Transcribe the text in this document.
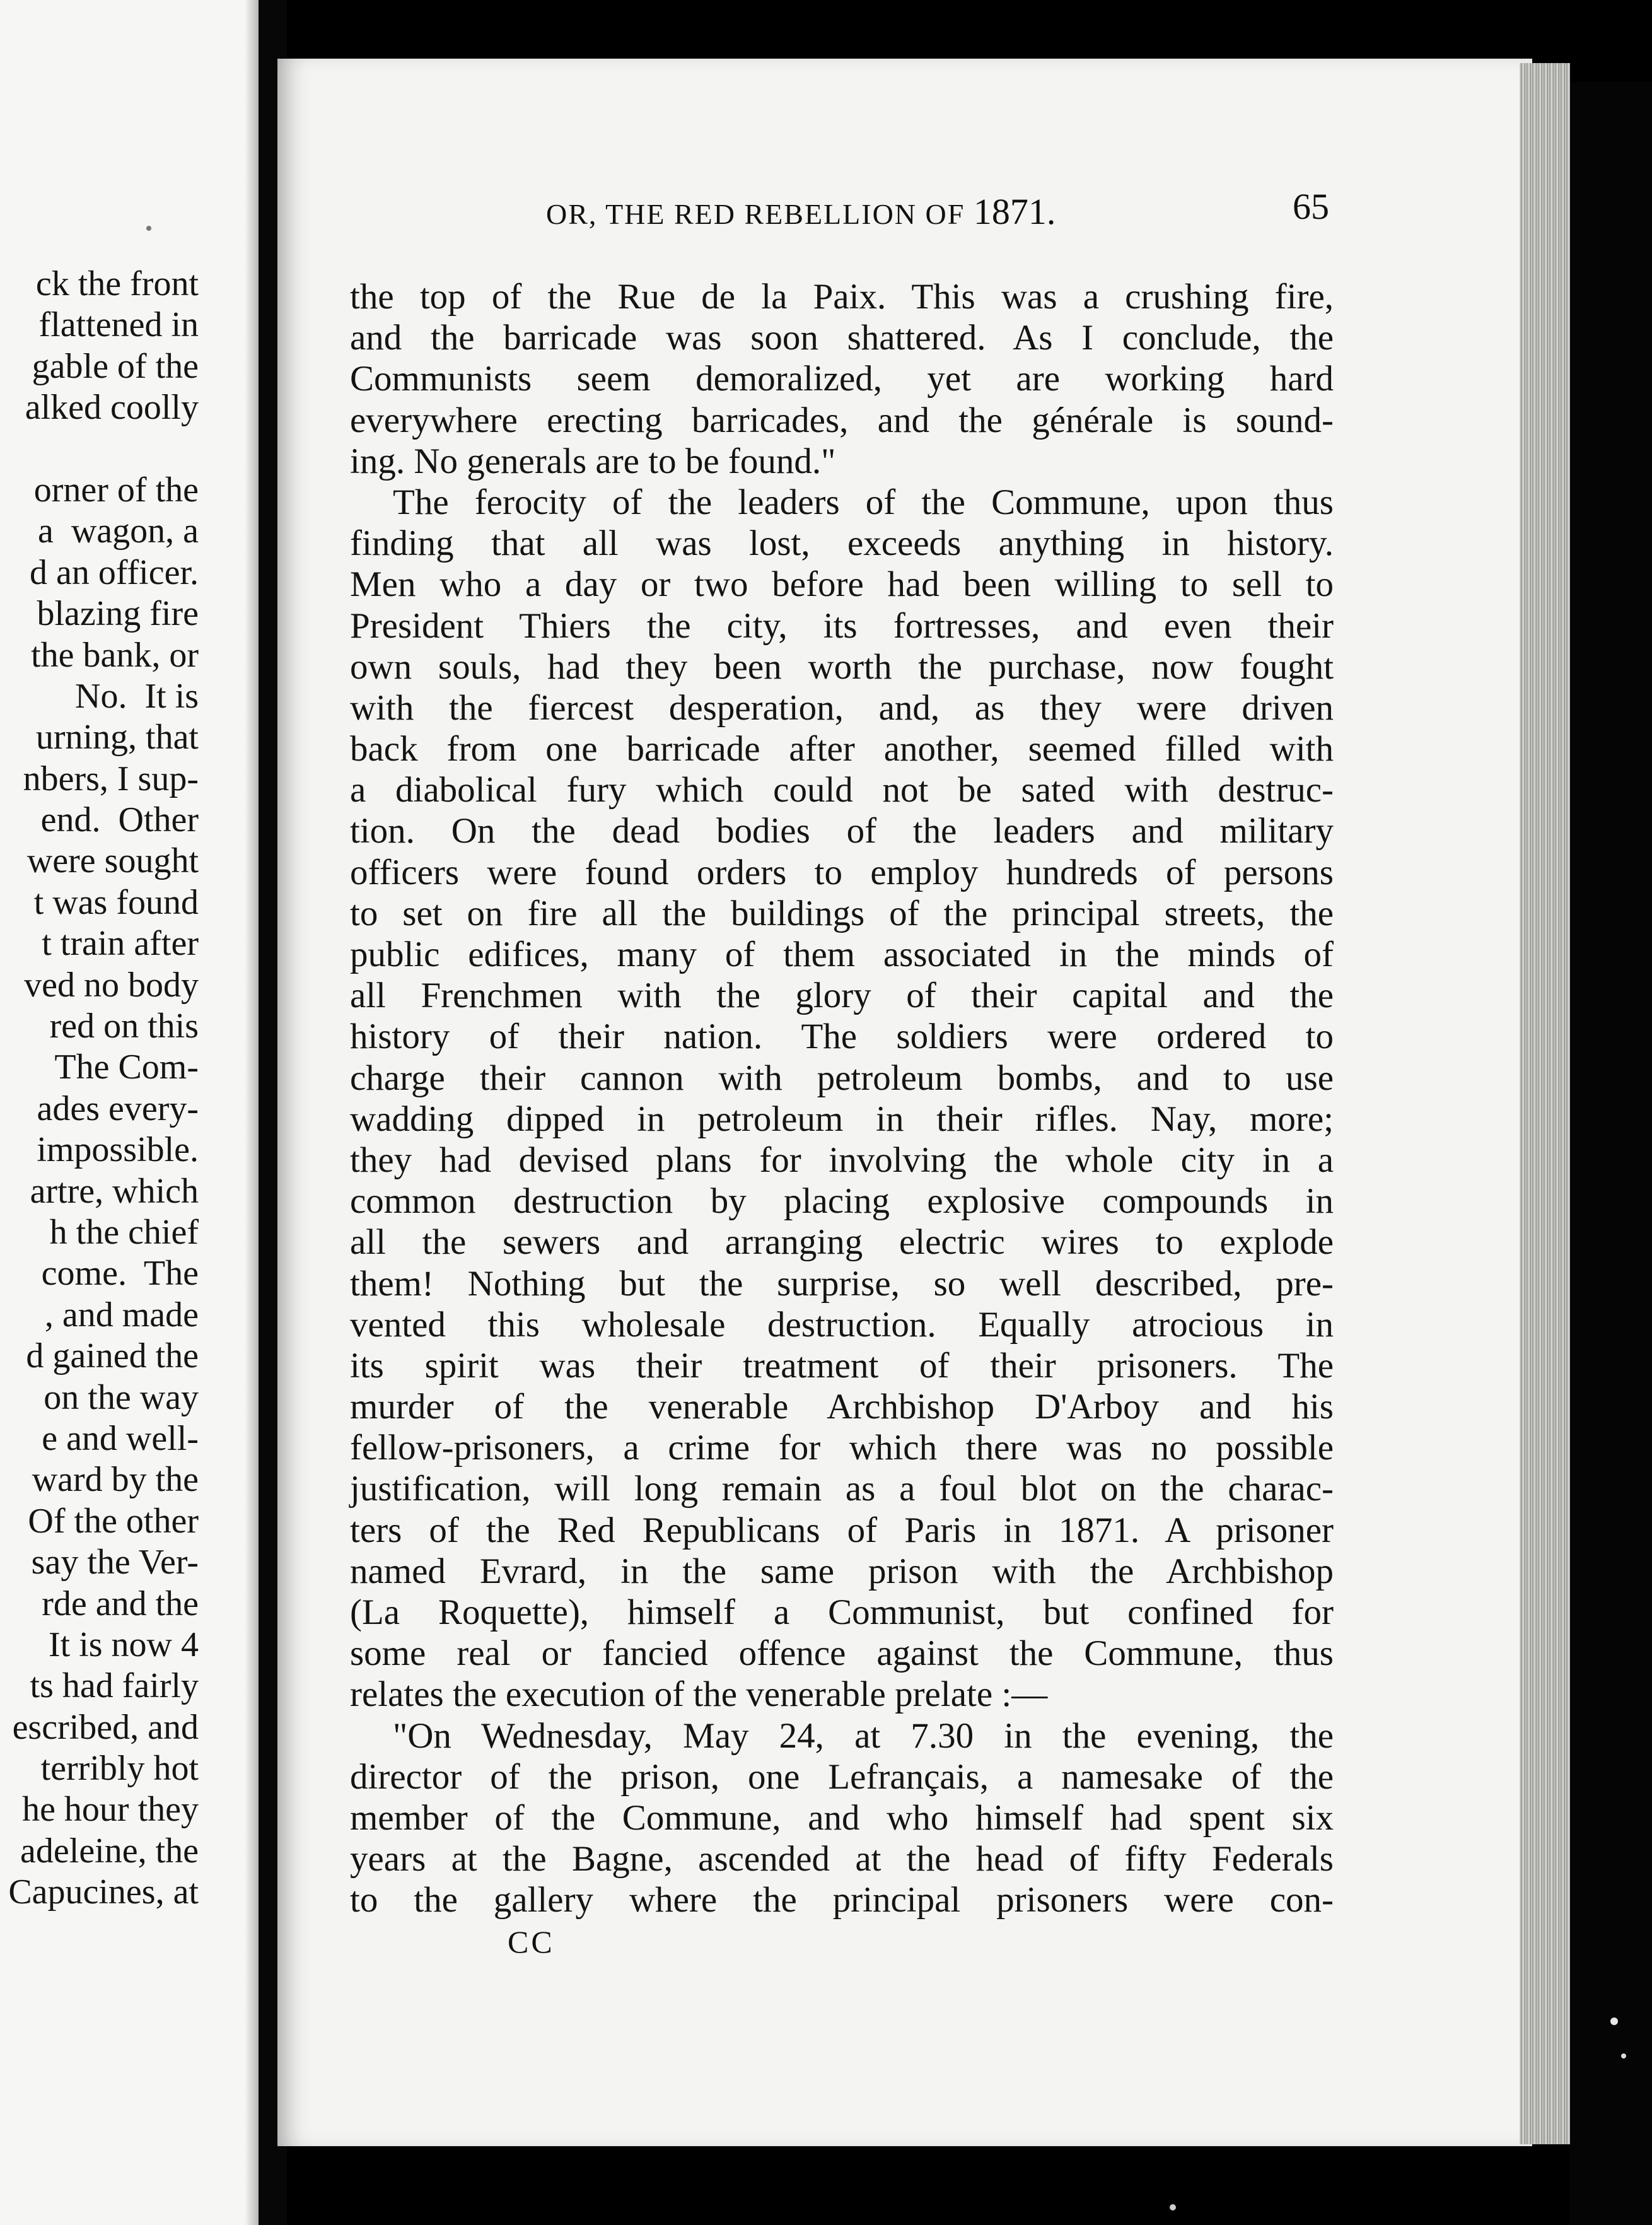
ck the front
flattened in
gable of the
alked coolly
orner of the
a  wagon, a
d an officer.
blazing fire
the bank, or
No.  It is
urning, that
nbers, I sup-
end.  Other
were sought
t was found
t train after
ved no body
red on this
The Com-
ades every-
impossible.
artre, which
h the chief
come.  The
, and made
d gained the
on the way
e and well-
ward by the
Of the other
say the Ver-
rde and the
It is now 4
ts had fairly
escribed, and
terribly hot
he hour they
adeleine, the
Capucines, at
OR, THE RED REBELLION OF 1871.	65
the top of the Rue de la Paix. This was a crushing fire,
and the barricade was soon shattered. As I conclude, the
Communists seem demoralized, yet are working hard
everywhere erecting barricades, and the générale is sound-
ing. No generals are to be found."
The ferocity of the leaders of the Commune, upon thus
finding that all was lost, exceeds anything in history.
Men who a day or two before had been willing to sell to
President Thiers the city, its fortresses, and even their
own souls, had they been worth the purchase, now fought
with the fiercest desperation, and, as they were driven
back from one barricade after another, seemed filled with
a diabolical fury which could not be sated with destruc-
tion. On the dead bodies of the leaders and military
officers were found orders to employ hundreds of persons
to set on fire all the buildings of the principal streets, the
public edifices, many of them associated in the minds of
all Frenchmen with the glory of their capital and the
history of their nation. The soldiers were ordered to
charge their cannon with petroleum bombs, and to use
wadding dipped in petroleum in their rifles. Nay, more;
they had devised plans for involving the whole city in a
common destruction by placing explosive compounds in
all the sewers and arranging electric wires to explode
them! Nothing but the surprise, so well described, pre-
vented this wholesale destruction. Equally atrocious in
its spirit was their treatment of their prisoners. The
murder of the venerable Archbishop D'Arboy and his
fellow-prisoners, a crime for which there was no possible
justification, will long remain as a foul blot on the charac-
ters of the Red Republicans of Paris in 1871. A prisoner
named Evrard, in the same prison with the Archbishop
(La Roquette), himself a Communist, but confined for
some real or fancied offence against the Commune, thus
relates the execution of the venerable prelate :—
"On Wednesday, May 24, at 7.30 in the evening, the
director of the prison, one Lefrançais, a namesake of the
member of the Commune, and who himself had spent six
years at the Bagne, ascended at the head of fifty Federals
to the gallery where the principal prisoners were con-
CC
